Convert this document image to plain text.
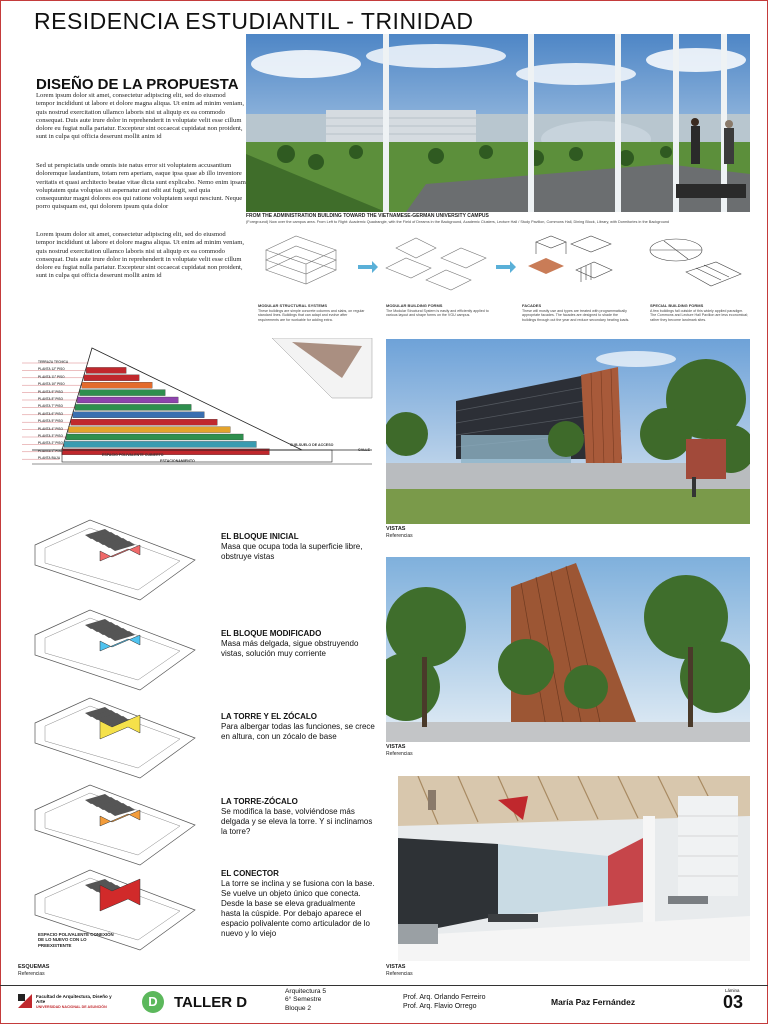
RESIDENCIA ESTUDIANTIL - TRINIDAD
DISEÑO DE LA PROPUESTA
Lorem ipsum dolor sit amet, consectetur adipiscing elit, sed do eiusmod tempor incididunt ut labore et dolore magna aliqua. Ut enim ad minim veniam, quis nostrud exercitation ullamco laboris nisi ut aliquip ex ea commodo consequat. Duis aute irure dolor in reprehenderit in voluptate velit esse cillum dolore eu fugiat nulla pariatur. Excepteur sint occaecat cupidatat non proident, sunt in culpa qui officia deserunt mollit anim id
Sed ut perspiciatis unde omnis iste natus error sit voluptatem accusantium doloremque laudantium, totam rem aperiam, eaque ipsa quae ab illo inventore veritatis et quasi architecto beatae vitae dicta sunt explicabo. Nemo enim ipsam voluptatem quia voluptas sit aspernatur aut odit aut fugit, sed quia consequuntur magni dolores eos qui ratione voluptatem sequi nesciunt. Neque porro quisquam est, qui dolorem ipsum quia dolor
Lorem ipsum dolor sit amet, consectetur adipiscing elit, sed do eiusmod tempor incididunt ut labore et dolore magna aliqua. Ut enim ad minim veniam, quis nostrud exercitation ullamco laboris nisi ut aliquip ex ea commodo consequat. Duis aute irure dolor in reprehenderit in voluptate velit esse cillum dolore eu fugiat nulla pariatur. Excepteur sint occaecat cupidatat non proident, sunt in culpa qui officia deserunt mollit anim id
FROM THE ADMINISTRATION BUILDING TOWARD THE VIETNAMESE-GERMAN UNIVERSITY CAMPUS
(Foreground) Now over the campus area. From Left to Right: Academic Quadrangle, with the Field of Dreams in the Background, Academic Clusters, Lecture Hall / Study Pavilion, Commons Hall, Dining Block, Library, with Dormitories in the Background
MODULAR STRUCTURAL SYSTEMS
These buildings are simple concrete columns and slabs, on regular standard lines. Buildings that can adapt and evolve after requirements are for workable for adding extra.
MODULAR BUILDING FORMS
The Modular Structural System is easily and efficiently applied to various layout and shape forms on the VGU campus.
FACADES
These will mostly use and types are treated with programmatically appropriate facades. The facades are designed to shade the buildings through out the year and reduce secondary heating loads.
SPECIAL BUILDING FORMS
A few buildings fall outside of this widely applied paradigm. The Commons and Lecture Hall Pavilion are less economical; rather they become landmark sites.
TERRAZA TECNICA
PLANTA 12° PISO
PLANTA 11° PISO
PLANTA 10° PISO
PLANTA 9° PISO
PLANTA 8° PISO
PLANTA 7° PISO
PLANTA 6° PISO
PLANTA 5° PISO
PLANTA 4° PISO
PLANTA 3° PISO
PLANTA 2° PISO
PLANTA 1° PISO
PLANTA BAJA
ESPACIO POLIVALENTE CUBIERTO
CALLE
SUB-SUELO DE ACCESO
ESTACIONAMIENTO
VISTAS
Referencias
VISTAS
Referencias
VISTAS
Referencias
EL BLOQUE INICIAL
Masa que ocupa toda la superficie libre, obstruye vistas
EL BLOQUE MODIFICADO
Masa más delgada, sigue obstruyendo vistas, solución muy corriente
LA TORRE Y EL ZÓCALO
Para albergar todas las funciones, se crece en altura, con un zócalo de base
LA TORRE-ZÓCALO
Se modifica la base, volviéndose más delgada y se eleva la torre. Y si inclinamos la torre?
EL CONECTOR
La torre se inclina y se fusiona con la base. Se vuelve un objeto único que conecta. Desde la base se eleva gradualmente hasta la cúspide. Por debajo aparece el espacio polivalente como articulador de lo nuevo y lo viejo
ESPACIO POLIVALENTE CONEXIÓN DE LO NUEVO CON LO PREEXISTENTE
ESQUEMAS
Referencias
Facultad de Arquitectura, Diseño y Arte
UNIVERSIDAD NACIONAL DE ASUNCIÓN	D	TALLER D
Arquitectura 5
6° Semestre
Bloque 2
Prof. Arq. Orlando Ferreiro
Prof. Arq. Flavio Orrego	María Paz Fernández
Lámina
03
